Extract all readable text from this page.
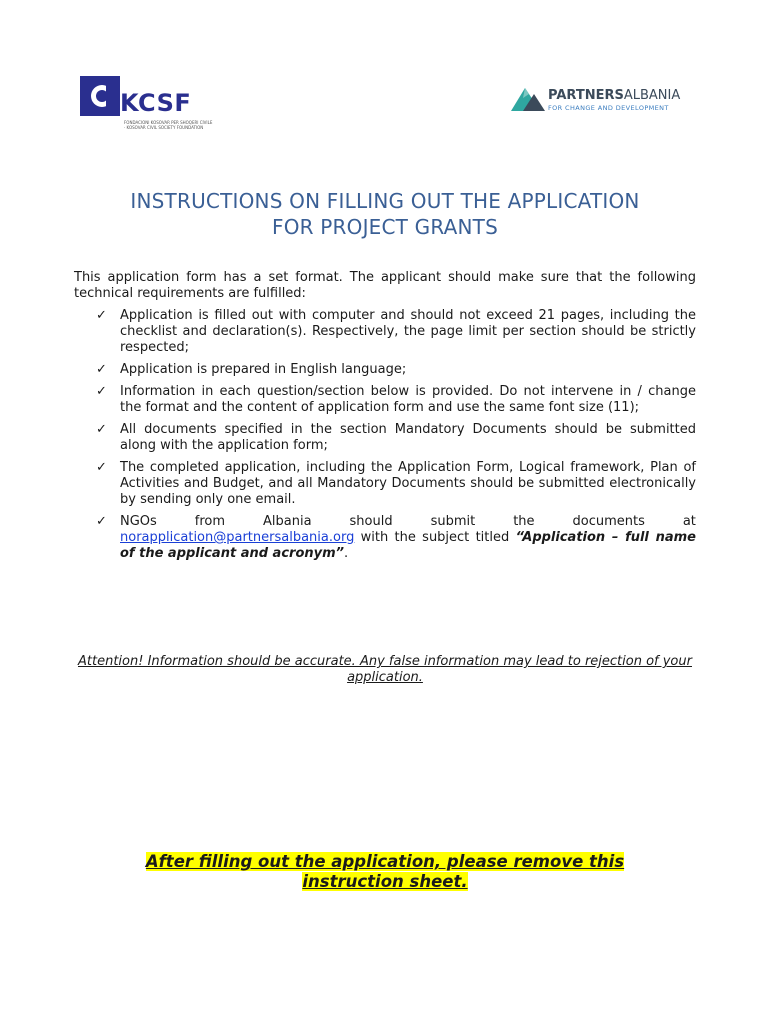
KCSF
FONDACIONI KOSOVAR PER SHOQERI CIVILE · KOSOVAR CIVIL SOCIETY FOUNDATION
PARTNERSALBANIA
FOR CHANGE AND DEVELOPMENT
INSTRUCTIONS ON FILLING OUT THE APPLICATION
FOR PROJECT GRANTS
This application form has a set format. The applicant should make sure that the following technical requirements are fulfilled:
✓ Application is filled out with computer and should not exceed 21 pages, including the checklist and declaration(s). Respectively, the page limit per section should be strictly respected;
✓ Application is prepared in English language;
✓ Information in each question/section below is provided. Do not intervene in / change the format and the content of application form and use the same font size (11);
✓ All documents specified in the section Mandatory Documents should be submitted along with the application form;
✓ The completed application, including the Application Form, Logical framework, Plan of Activities and Budget, and all Mandatory Documents should be submitted electronically by sending only one email.
✓ NGOs	from	Albania	should	submit	the	documents	at
norapplication@partnersalbania.org with the subject titled “Application – full name of the applicant and acronym”.
Attention! Information should be accurate. Any false information may lead to rejection of your application.
After filling out the application, please remove this instruction sheet.
